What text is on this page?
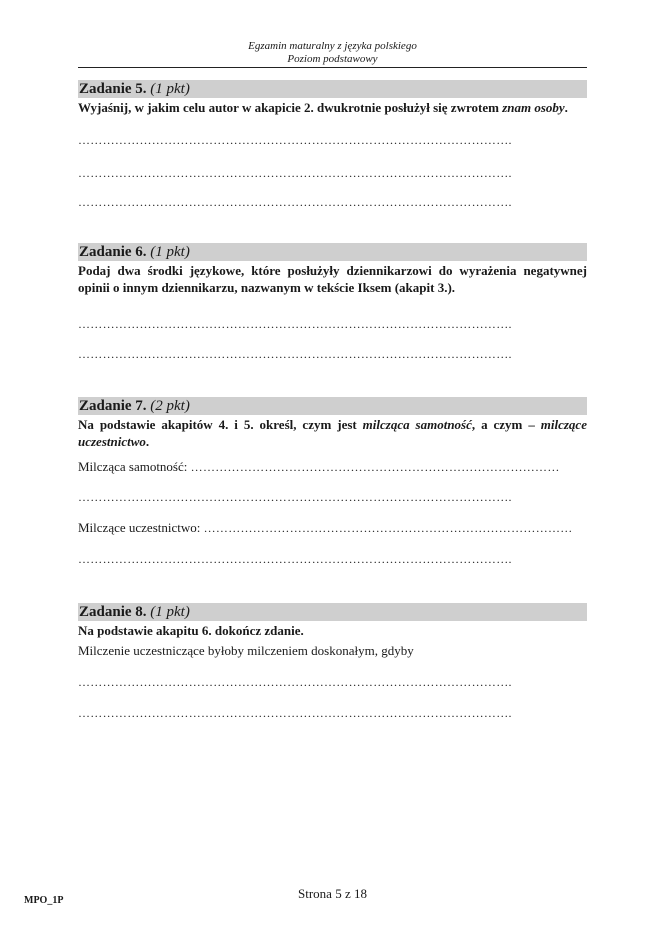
Egzamin maturalny z języka polskiego
Poziom podstawowy
Zadanie 5. (1 pkt)
Wyjaśnij, w jakim celu autor w akapicie 2. dwukrotnie posłużył się zwrotem znam osoby.
…………………………………………………………………………………………….
…………………………………………………………………………………………….
…………………………………………………………………………………………….
Zadanie 6. (1 pkt)
Podaj dwa środki językowe, które posłużyły dziennikarzowi do wyrażenia negatywnej opinii o innym dziennikarzu, nazwanym w tekście Iksem (akapit 3.).
…………………………………………………………………………………………….
…………………………………………………………………………………………….
Zadanie 7. (2 pkt)
Na podstawie akapitów 4. i 5. określ, czym jest milcząca samotność, a czym – milczące uczestnictwo.
Milcząca samotność: ………………………………………………………………………………
…………………………………………………………………………………………….
Milczące uczestnictwo: ………………………………………………………………………………
…………………………………………………………………………………………….
Zadanie 8. (1 pkt)
Na podstawie akapitu 6. dokończ zdanie.
Milczenie uczestniczące byłoby milczeniem doskonałym, gdyby
…………………………………………………………………………………………….
…………………………………………………………………………………………….
MPO_1P	Strona 5 z 18
